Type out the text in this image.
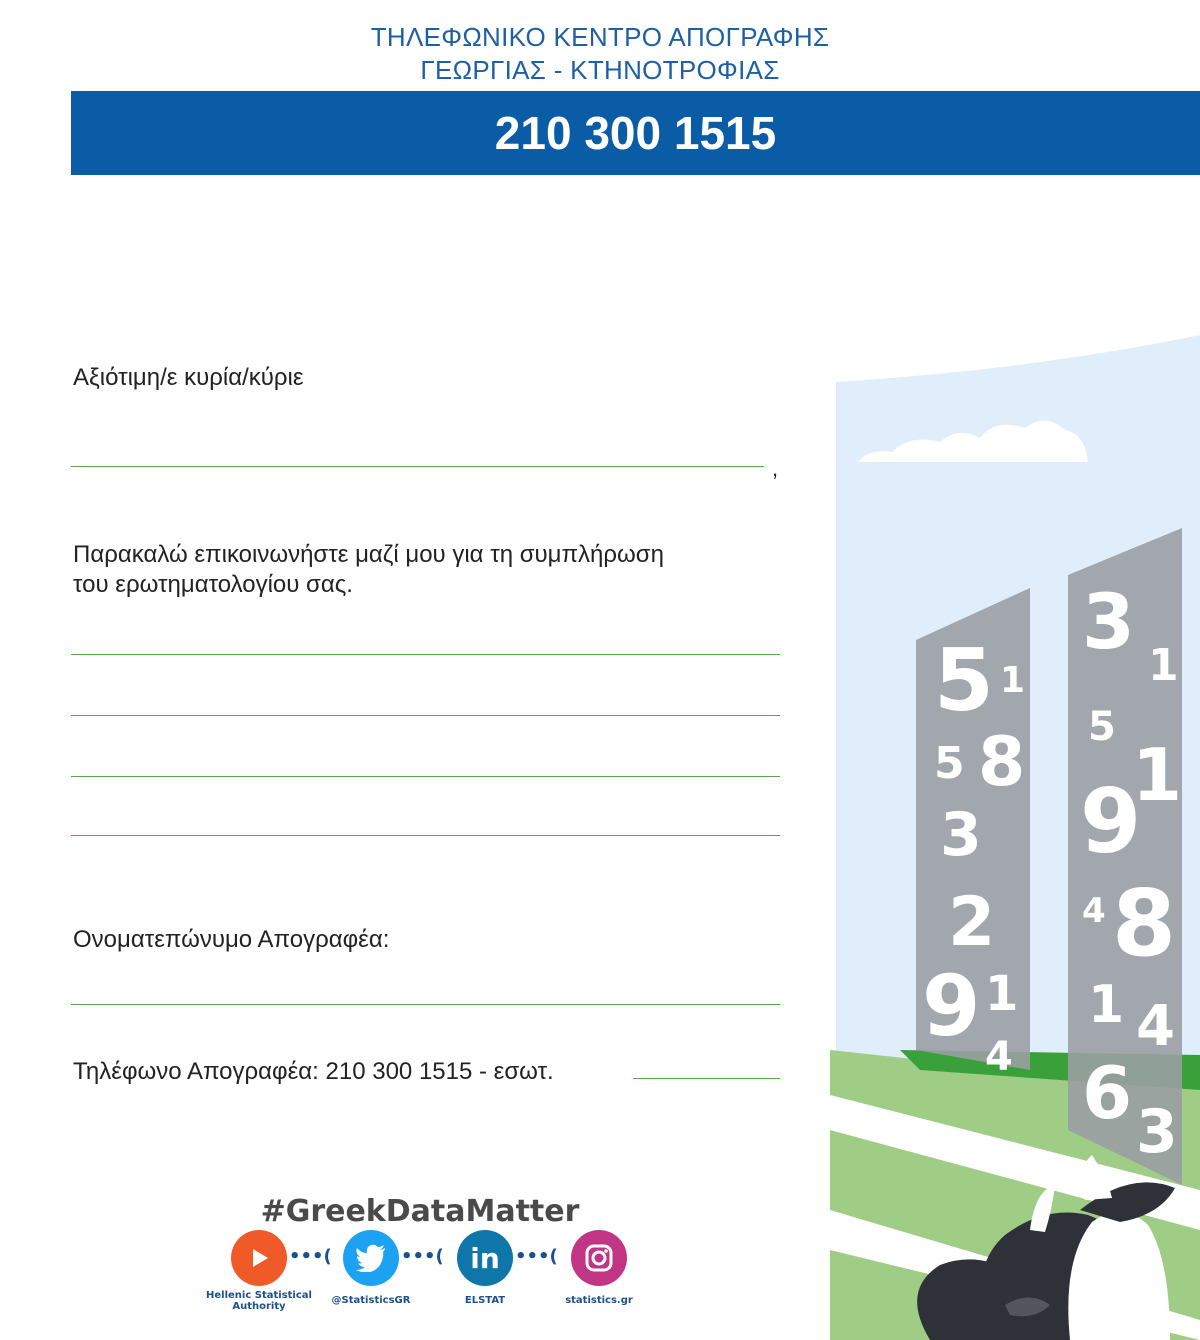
ΤΗΛΕΦΩΝΙΚΟ ΚΕΝΤΡΟ ΑΠΟΓΡΑΦΗΣ
ΓΕΩΡΓΙΑΣ - ΚΤΗΝΟΤΡΟΦΙΑΣ
210 300 1515
5 1
5 8
3
2
9 1
4
3 1
5
9
1
4 8
1 4
6 3
Αξιότιμη/ε κυρία/κύριε
,
Παρακαλώ επικοινωνήστε μαζί μου για τη συμπλήρωση
του ερωτηματολογίου σας.
Ονοματεπώνυμο Απογραφέα:
Τηλέφωνο Απογραφέα: 210 300 1515 - εσωτ.
#GreekDataMatter
•••(	•••( in •••(
Hellenic Statistical
Authority
@StatisticsGR	ELSTAT	statistics.gr
